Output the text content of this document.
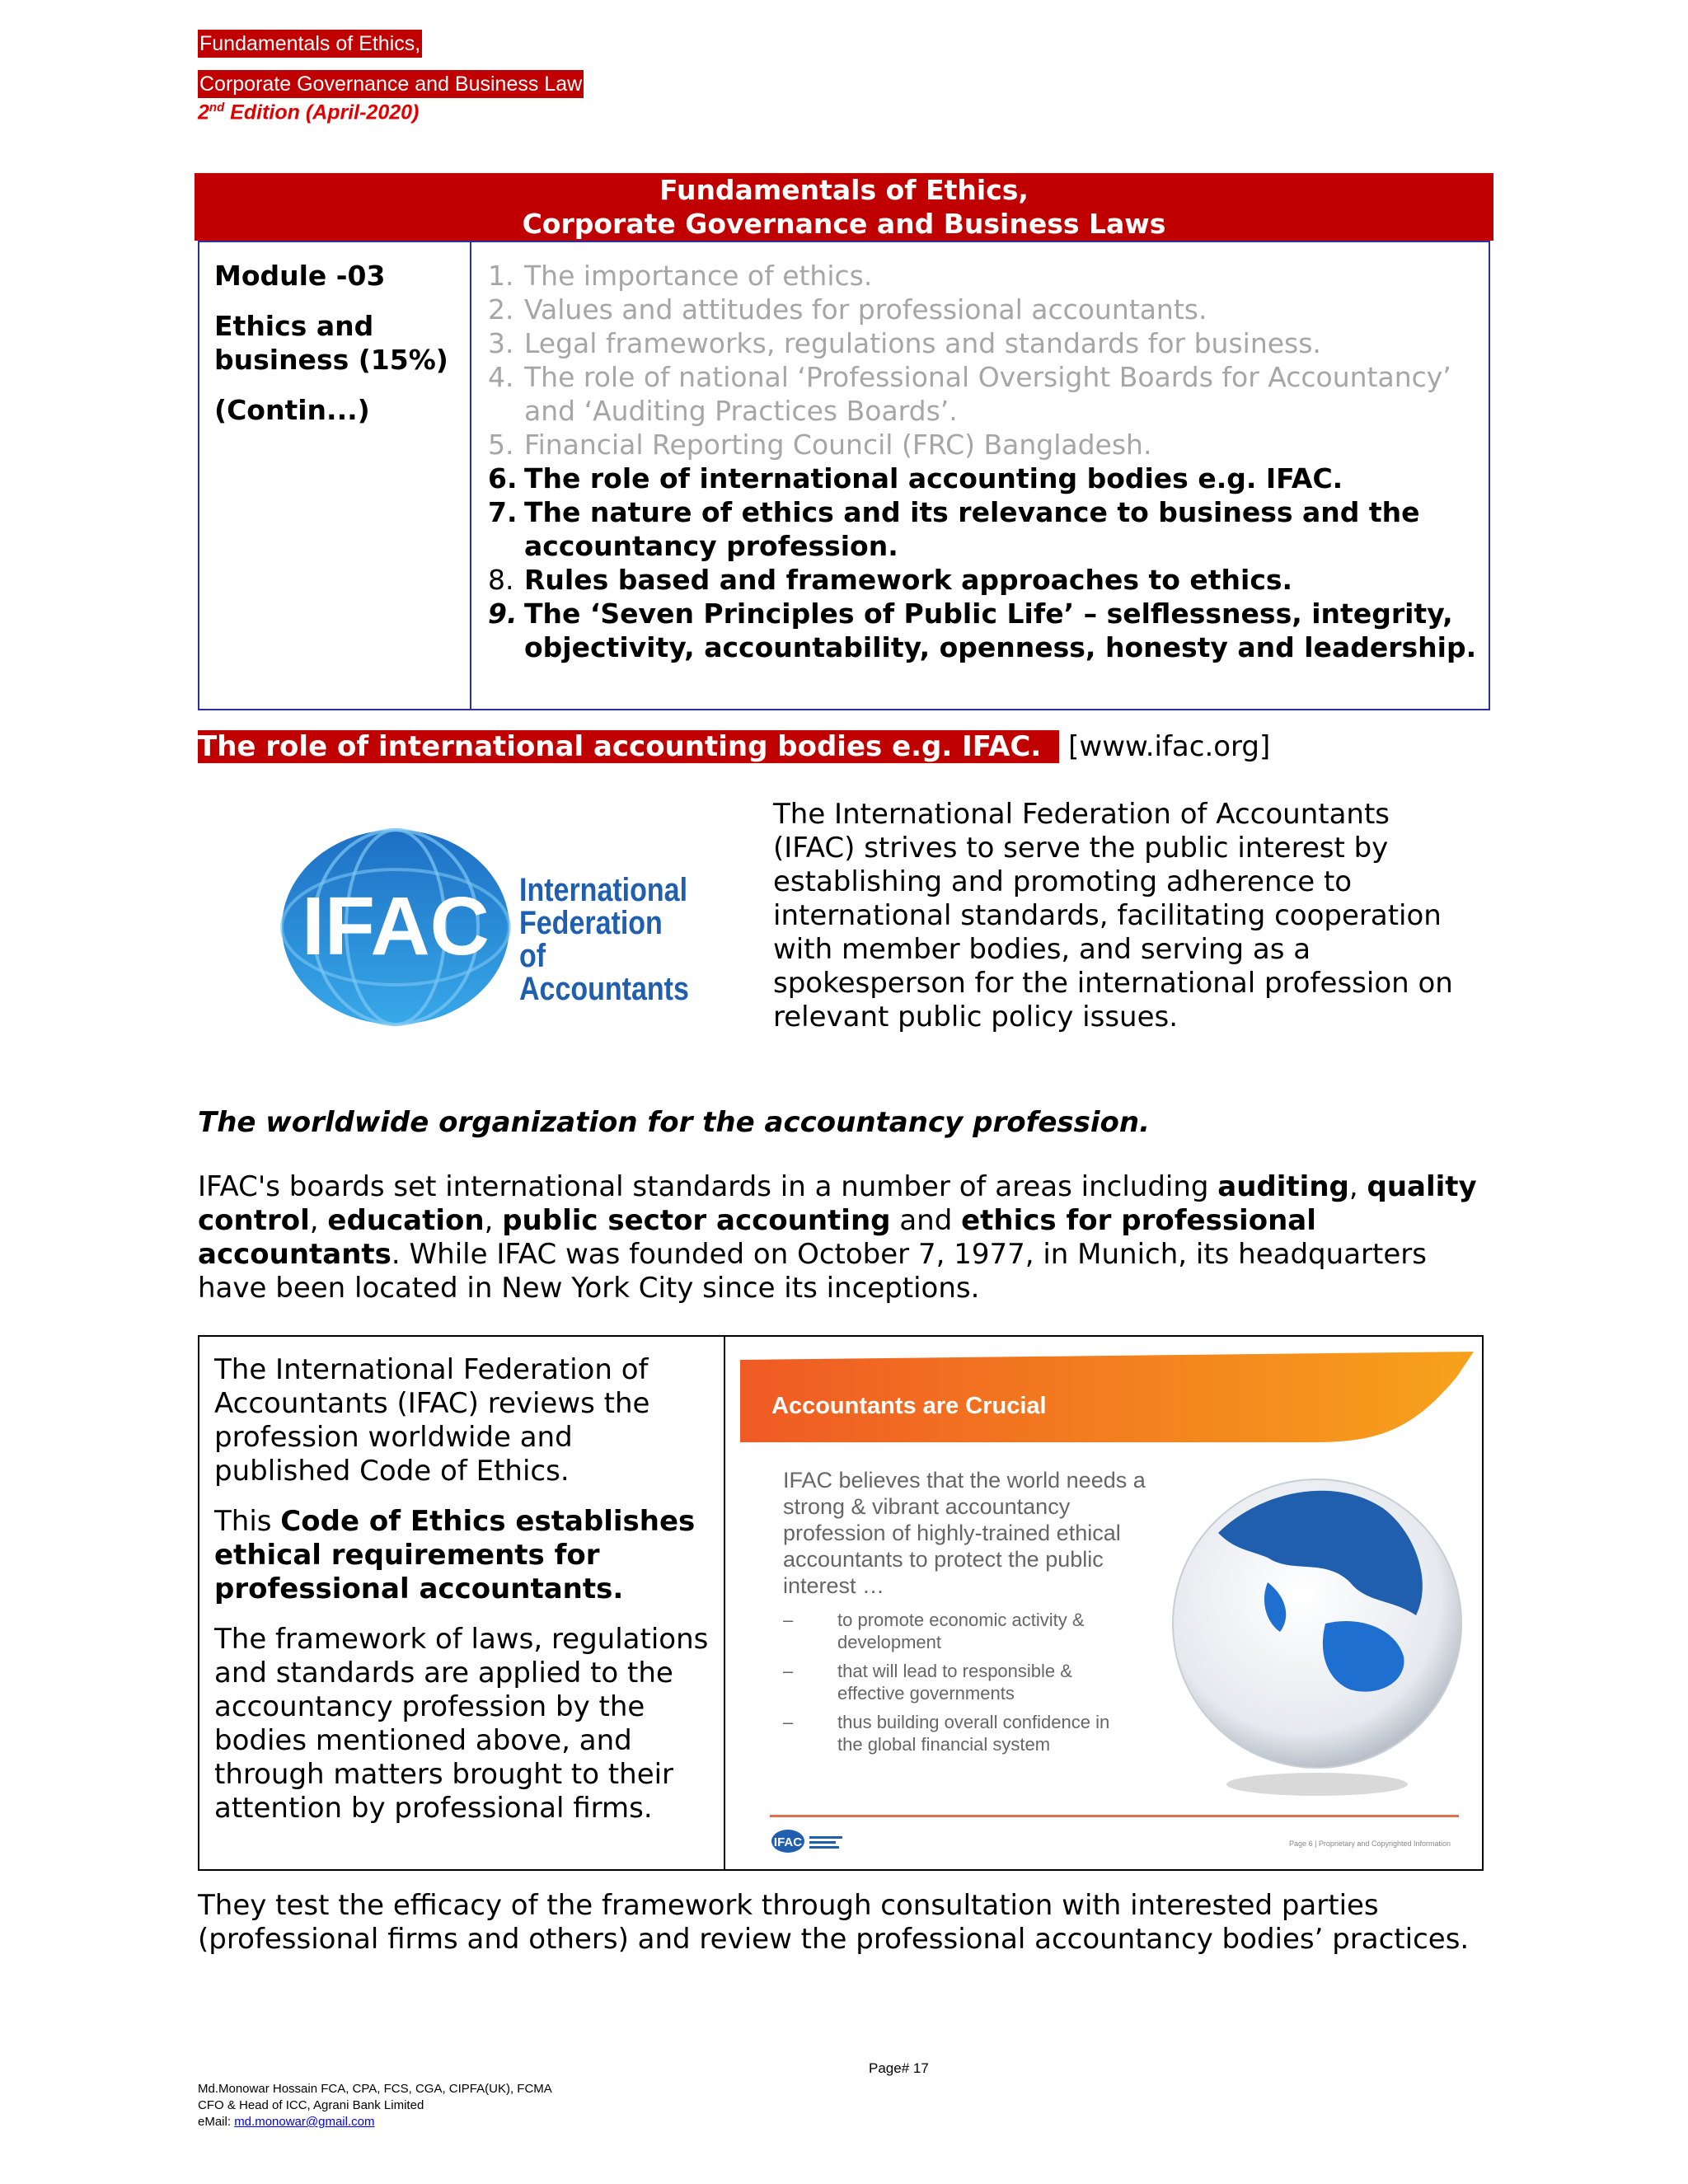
Fundamentals of Ethics,
Corporate Governance and Business Law
2nd Edition (April-2020)
Fundamentals of Ethics,
Corporate Governance and Business Laws

Module -03

Ethics and business (15%)

(Contin...)

1. The importance of ethics.
2. Values and attitudes for professional accountants.
3. Legal frameworks, regulations and standards for business.
4. The role of national ‘Professional Oversight Boards for Accountancy’ and ‘Auditing Practices Boards’.
5. Financial Reporting Council (FRC) Bangladesh.
6. The role of international accounting bodies e.g. IFAC.
7. The nature of ethics and its relevance to business and the accountancy profession.
8. Rules based and framework approaches to ethics.
9. The ‘Seven Principles of Public Life’ – selflessness, integrity, objectivity, accountability, openness, honesty and leadership.
The role of international accounting bodies e.g. IFAC. [www.ifac.org]
IFAC International
Federation
of Accountants
The International Federation of Accountants (IFAC) strives to serve the public interest by establishing and promoting adherence to international standards, facilitating cooperation with member bodies, and serving as a spokesperson for the international profession on relevant public policy issues.
The worldwide organization for the accountancy profession.
IFAC's boards set international standards in a number of areas including auditing, quality control, education, public sector accounting and ethics for professional accountants. While IFAC was founded on October 7, 1977, in Munich, its headquarters have been located in New York City since its inceptions.

The International Federation of Accountants (IFAC) reviews the profession worldwide and published Code of Ethics.

This Code of Ethics establishes ethical requirements for professional accountants.

The framework of laws, regulations and standards are applied to the accountancy profession by the bodies mentioned above, and through matters brought to their attention by professional firms.

Accountants are Crucial
IFAC believes that the world needs a strong & vibrant accountancy profession of highly-trained ethical accountants to protect the public interest …
– to promote economic activity & development
– that will lead to responsible & effective governments
– thus building overall confidence in the global financial system
IFAC	Page 6 | Proprietary and Copyrighted Information
They test the efficacy of the framework through consultation with interested parties (professional firms and others) and review the professional accountancy bodies’ practices.
Page# 17
Md.Monowar Hossain FCA, CPA, FCS, CGA, CIPFA(UK), FCMA
CFO & Head of ICC, Agrani Bank Limited
eMail: md.monowar@gmail.com
